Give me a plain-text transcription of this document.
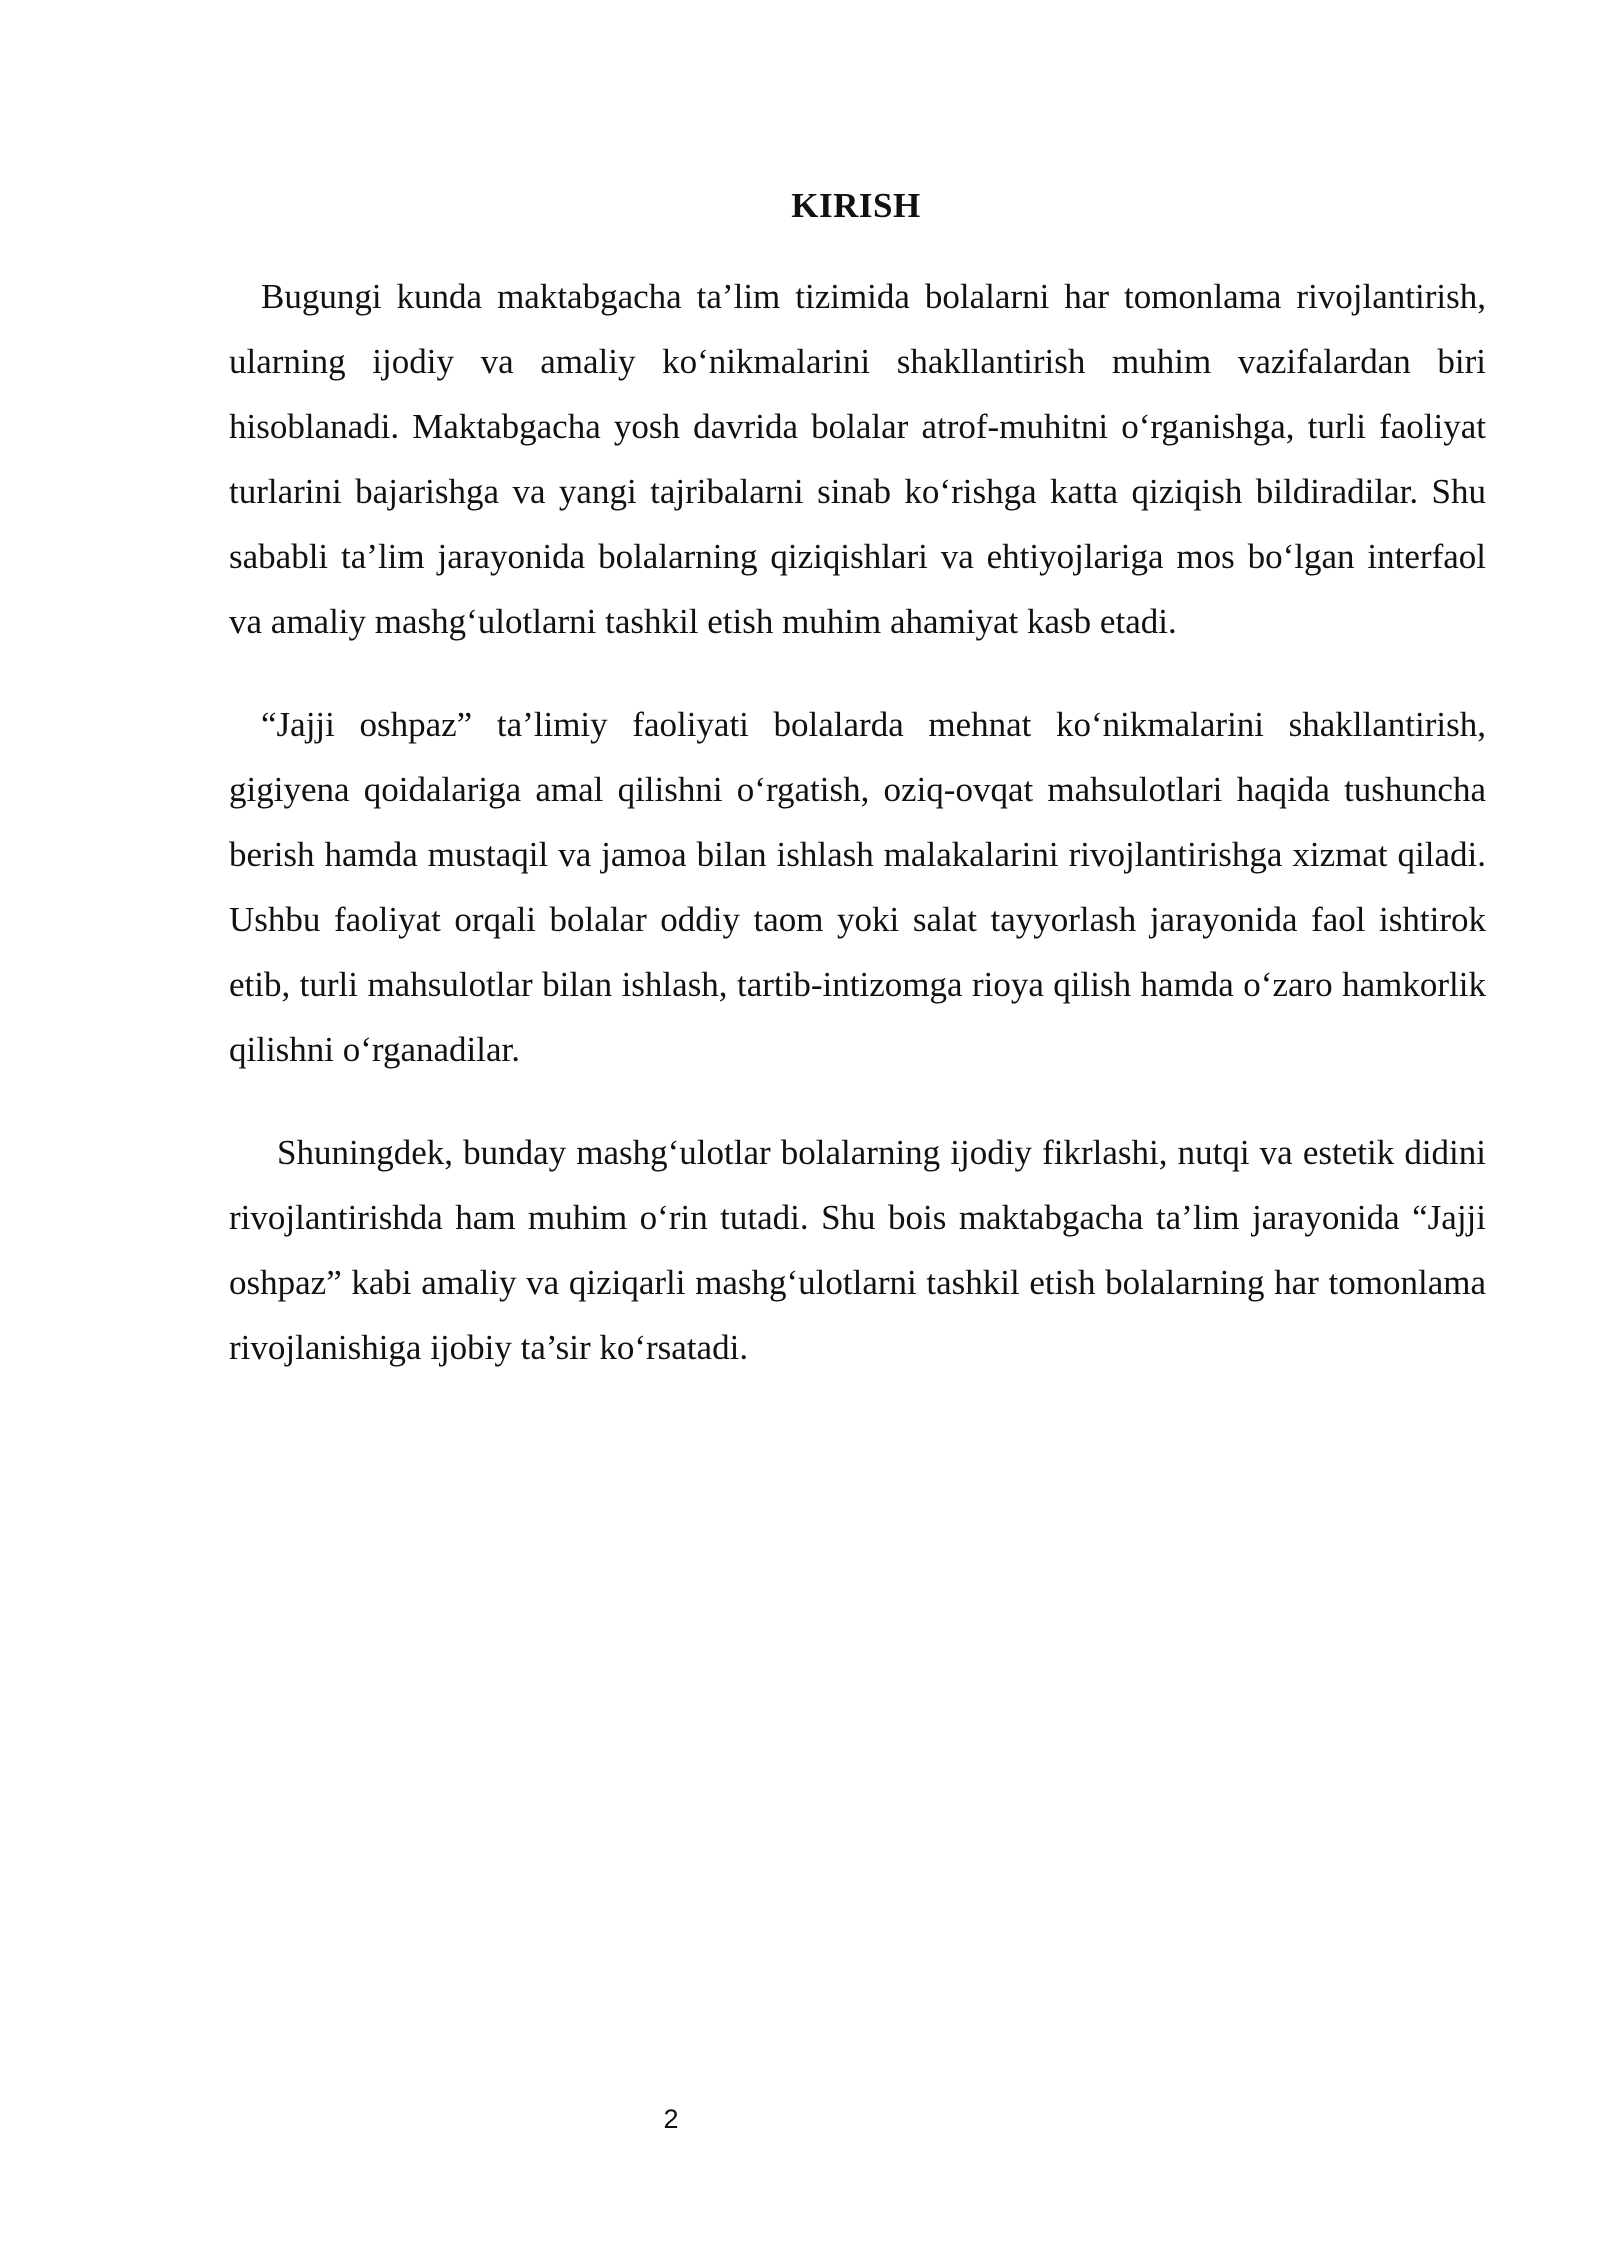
KIRISH

Bugungi kunda maktabgacha ta’lim tizimida bolalarni har tomonlama rivojlantirish, ularning ijodiy va amaliy ko‘nikmalarini shakllantirish muhim vazifalardan biri hisoblanadi. Maktabgacha yosh davrida bolalar atrof-muhitni o‘rganishga, turli faoliyat turlarini bajarishga va yangi tajribalarni sinab ko‘rishga katta qiziqish bildiradilar. Shu sababli ta’lim jarayonida bolalarning qiziqishlari va ehtiyojlariga mos bo‘lgan interfaol va amaliy mashg‘ulotlarni tashkil etish muhim ahamiyat kasb etadi.

“Jajji oshpaz” ta’limiy faoliyati bolalarda mehnat ko‘nikmalarini shakllantirish, gigiyena qoidalariga amal qilishni o‘rgatish, oziq-ovqat mahsulotlari haqida tushuncha berish hamda mustaqil va jamoa bilan ishlash malakalarini rivojlantirishga xizmat qiladi. Ushbu faoliyat orqali bolalar oddiy taom yoki salat tayyorlash jarayonida faol ishtirok etib, turli mahsulotlar bilan ishlash, tartib-intizomga rioya qilish hamda o‘zaro hamkorlik qilishni o‘rganadilar.

Shuningdek, bunday mashg‘ulotlar bolalarning ijodiy fikrlashi, nutqi va estetik didini rivojlantirishda ham muhim o‘rin tutadi. Shu bois maktabgacha ta’lim jarayonida “Jajji oshpaz” kabi amaliy va qiziqarli mashg‘ulotlarni tashkil etish bolalarning har tomonlama rivojlanishiga ijobiy ta’sir ko‘rsatadi.

2
